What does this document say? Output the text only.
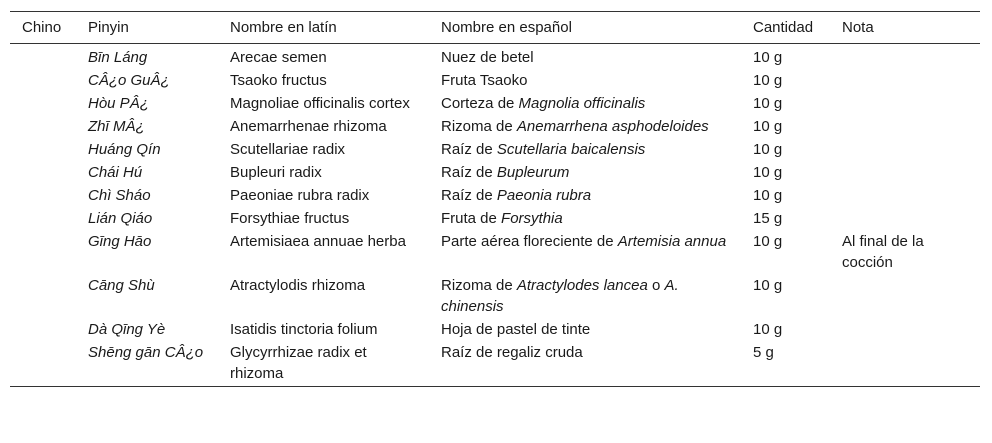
Chino	Pinyin	Nombre en latín	Nombre en español	Cantidad	Nota
	Bīn Láng	Arecae semen	Nuez de betel	10 g	
	CÂ¿o GuÂ¿	Tsaoko fructus	Fruta Tsaoko	10 g	
	Hòu PÂ¿	Magnoliae officinalis cortex	Corteza de Magnolia officinalis	10 g	
	Zhī MÂ¿	Anemarrhenae rhizoma	Rizoma de Anemarrhena asphodeloides	10 g	
	Huáng Qín	Scutellariae radix	Raíz de Scutellaria baicalensis	10 g	
	Chái Hú	Bupleuri radix	Raíz de Bupleurum	10 g	
	Chì Sháo	Paeoniae rubra radix	Raíz de Paeonia rubra	10 g	
	Lián Qiáo	Forsythiae fructus	Fruta de Forsythia	15 g	
	Gīng Hāo	Artemisiaea annuae herba	Parte aérea floreciente de Artemisia annua	10 g	Al final de la cocción
	Cāng Shù	Atractylodis rhizoma	Rizoma de Atractylodes lancea o A. chinensis	10 g	
	Dà Qīng Yè	Isatidis tinctoria folium	Hoja de pastel de tinte	10 g	
	Shēng gān CÂ¿o	Glycyrrhizae radix et rhizoma	Raíz de regaliz cruda	5 g	
